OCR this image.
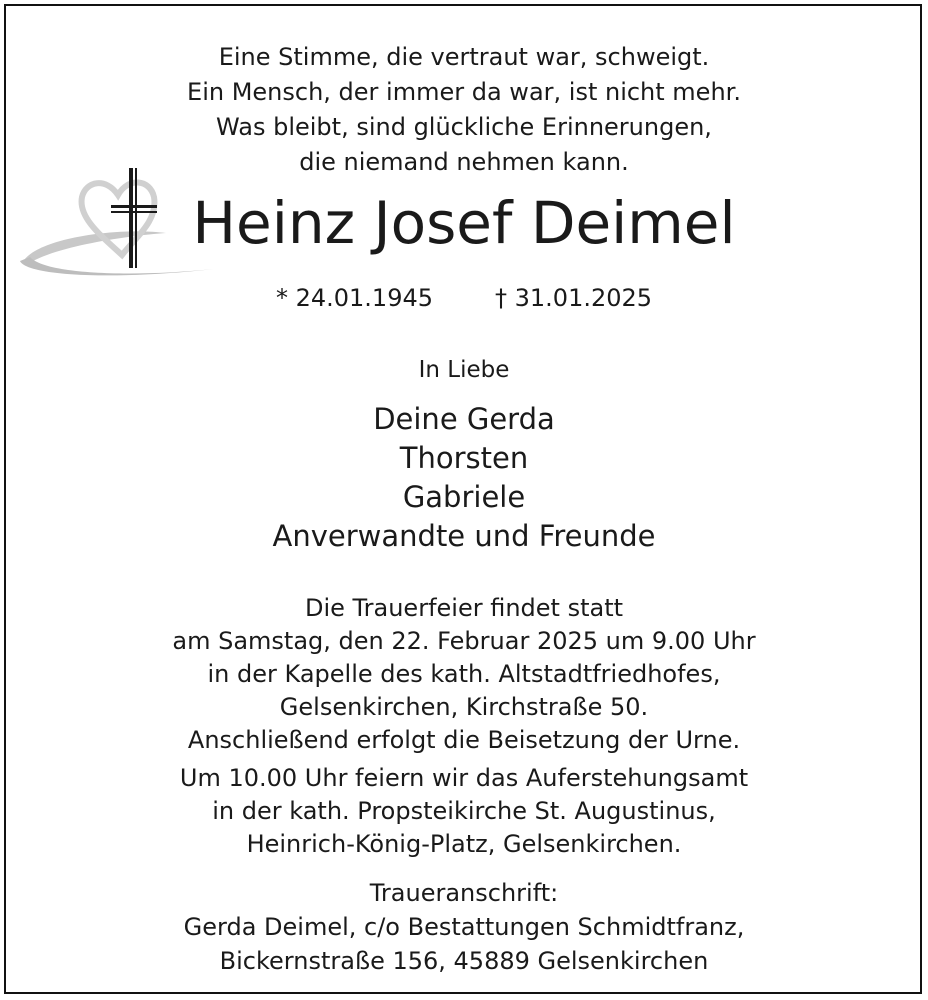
Eine Stimme, die vertraut war, schweigt.
Ein Mensch, der immer da war, ist nicht mehr.
Was bleibt, sind glückliche Erinnerungen,
die niemand nehmen kann.
Heinz Josef Deimel
* 24.01.1945	† 31.01.2025
In Liebe
Deine Gerda
Thorsten
Gabriele
Anverwandte und Freunde
Die Trauerfeier findet statt
am Samstag, den 22. Februar 2025 um 9.00 Uhr
in der Kapelle des kath. Altstadtfriedhofes,
Gelsenkirchen, Kirchstraße 50.
Anschließend erfolgt die Beisetzung der Urne.
Um 10.00 Uhr feiern wir das Auferstehungsamt
in der kath. Propsteikirche St. Augustinus,
Heinrich-König-Platz, Gelsenkirchen.
Traueranschrift:
Gerda Deimel, c/o Bestattungen Schmidtfranz,
Bickernstraße 156, 45889 Gelsenkirchen
